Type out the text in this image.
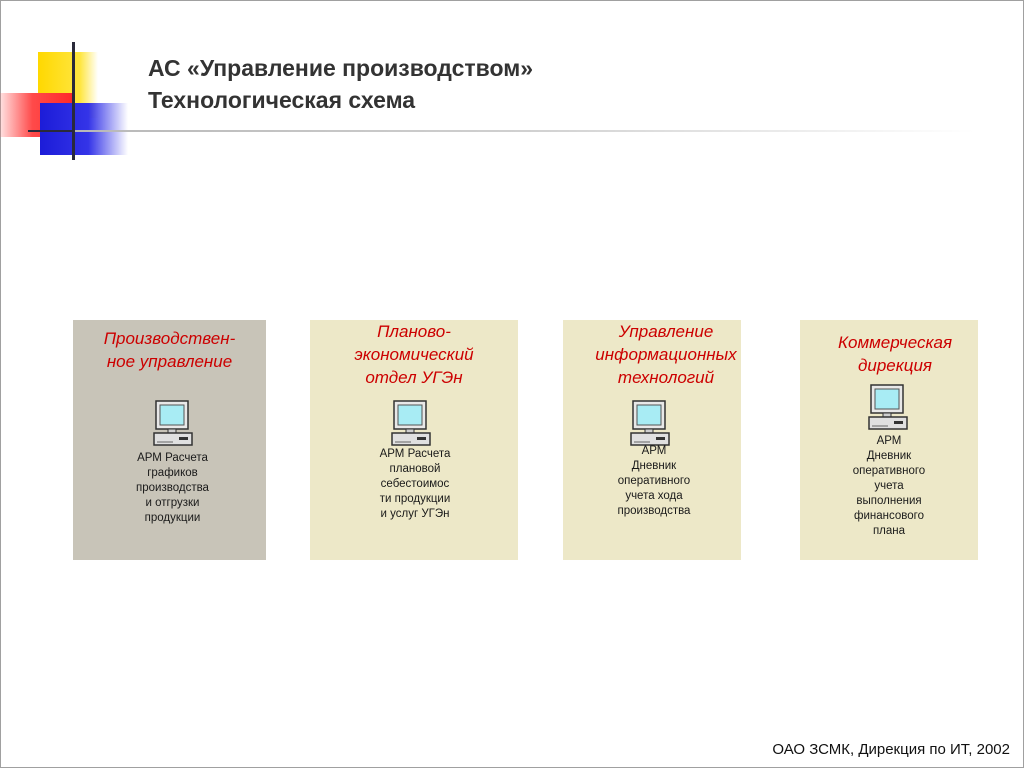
АС «Управление производством»
Технологическая схема
Производствен-
ное управление
АРМ Расчета
графиков
производства
и отгрузки
продукции
Планово-
экономический
отдел УГЭн
АРМ Расчета
плановой
себестоимос
ти продукции
и услуг УГЭн
Управление
информационных
технологий
АРМ
Дневник
оперативного
учета хода
производства
Коммерческая
дирекция
АРМ
Дневник
оперативного
учета
выполнения
финансового
плана
ОАО ЗСМК, Дирекция по ИТ, 2002
